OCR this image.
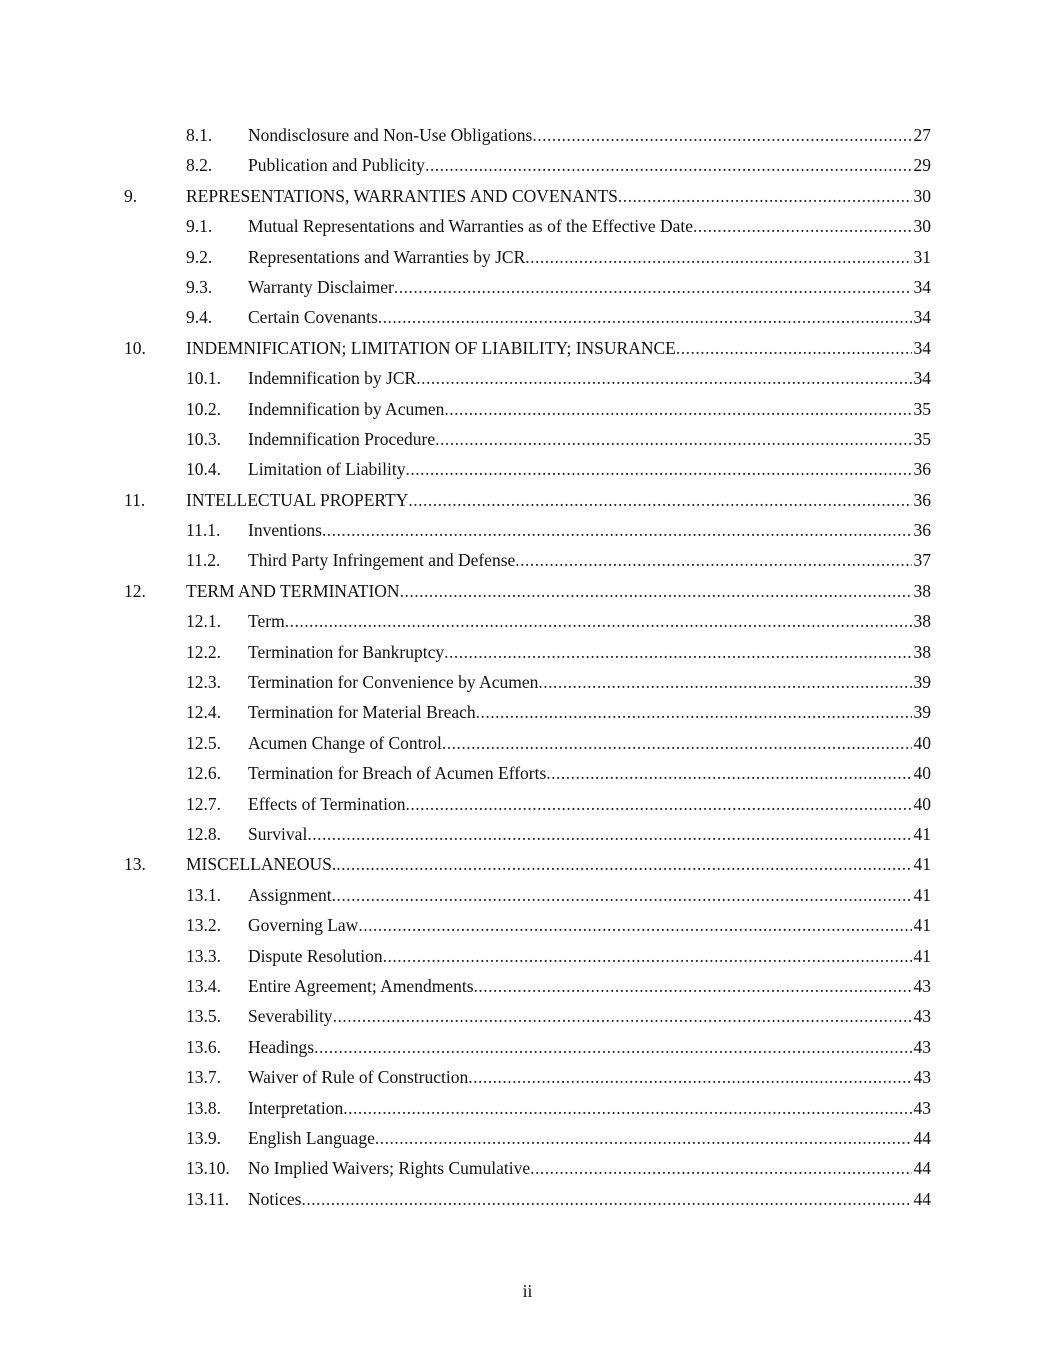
8.1. Nondisclosure and Non-Use Obligations .....	27
8.2. Publication and Publicity .....	29
9.	REPRESENTATIONS, WARRANTIES AND COVENANTS .....	30
9.1. Mutual Representations and Warranties as of the Effective Date .....	30
9.2. Representations and Warranties by JCR .....	31
9.3. Warranty Disclaimer .....	34
9.4. Certain Covenants .....	34
10. INDEMNIFICATION; LIMITATION OF LIABILITY; INSURANCE .....	34
10.1. Indemnification by JCR .....	34
10.2. Indemnification by Acumen .....	35
10.3. Indemnification Procedure .....	35
10.4. Limitation of Liability .....	36
11. INTELLECTUAL PROPERTY .....	36
11.1. Inventions .....	36
11.2. Third Party Infringement and Defense .....	37
12. TERM AND TERMINATION .....	38
12.1. Term .....	38
12.2. Termination for Bankruptcy .....	38
12.3. Termination for Convenience by Acumen .....	39
12.4. Termination for Material Breach .....	39
12.5. Acumen Change of Control .....	40
12.6. Termination for Breach of Acumen Efforts .....	40
12.7. Effects of Termination .....	40
12.8. Survival .....	41
13. MISCELLANEOUS. .....	41
13.1. Assignment .....	41
13.2. Governing Law .....	41
13.3. Dispute Resolution .....	41
13.4. Entire Agreement; Amendments .....	43
13.5. Severability .....	43
13.6. Headings .....	43
13.7. Waiver of Rule of Construction .....	43
13.8. Interpretation .....	43
13.9. English Language .....	44
13.10. No Implied Waivers; Rights Cumulative .....	44
13.11. Notices .....	44
ii
